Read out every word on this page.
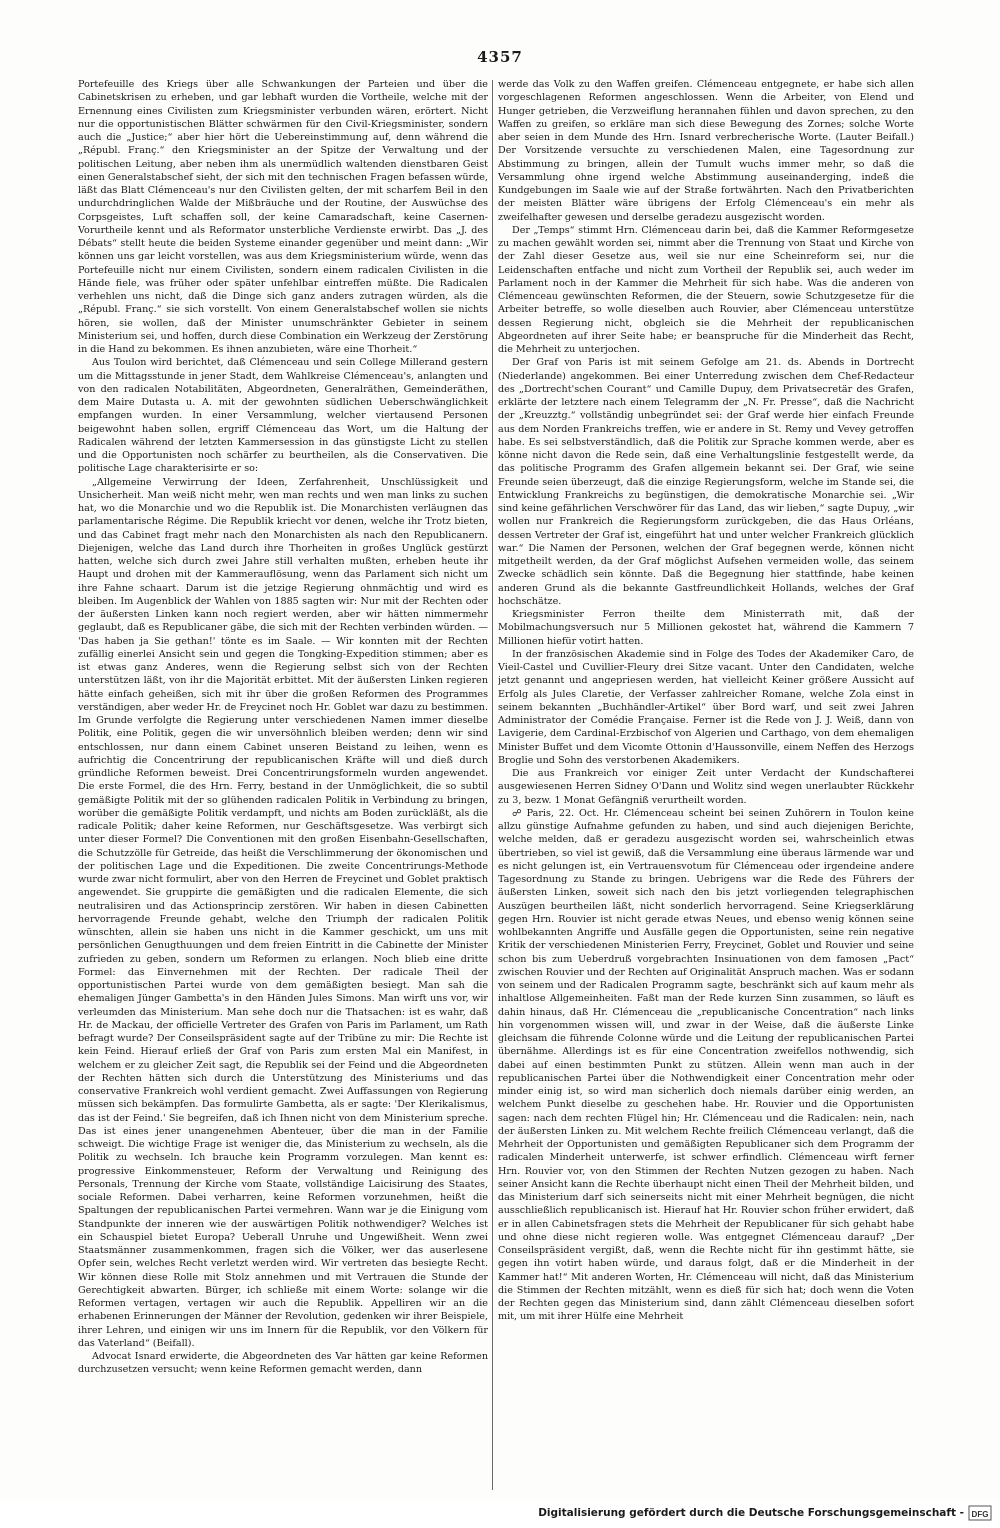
4357

Portefeuille des Kriegs über alle Schwankungen der Parteien und über die Cabinetskrisen zu erheben, und gar lebhaft wurden die Vortheile, welche mit der Ernennung eines Civilisten zum Kriegsminister verbunden wären, erörtert. Nicht nur die opportunistischen Blätter schwärmen für den Civil-Kriegsminister, sondern auch die „Justice;“ aber hier hört die Uebereinstimmung auf, denn während die „Républ. Franç.“ den Kriegsminister an der Spitze der Verwaltung und der politischen Leitung, aber neben ihm als unermüdlich waltenden dienstbaren Geist einen Generalstabschef sieht, der sich mit den technischen Fragen befassen würde, läßt das Blatt Clémenceau's nur den Civilisten gelten, der mit scharfem Beil in den undurchdringlichen Walde der Mißbräuche und der Routine, der Auswüchse des Corpsgeistes, Luft schaffen soll, der keine Camaradschaft, keine Casernen-Vorurtheile kennt und als Reformator unsterbliche Verdienste erwirbt. Das „J. des Débats“ stellt heute die beiden Systeme einander gegenüber und meint dann: „Wir können uns gar leicht vorstellen, was aus dem Kriegsministerium würde, wenn das Portefeuille nicht nur einem Civilisten, sondern einem radicalen Civilisten in die Hände fiele, was früher oder später unfehlbar eintreffen müßte. Die Radicalen verhehlen uns nicht, daß die Dinge sich ganz anders zutragen würden, als die „Républ. Franç.“ sie sich vorstellt. Von einem Generalstabschef wollen sie nichts hören, sie wollen, daß der Minister unumschränkter Gebieter in seinem Ministerium sei, und hoffen, durch diese Combination ein Werkzeug der Zerstörung in die Hand zu bekommen. Es ihnen anzubieten, wäre eine Thorheit.“

Aus Toulon wird berichtet, daß Clémenceau und sein College Millerand gestern um die Mittagsstunde in jener Stadt, dem Wahlkreise Clémenceau's, anlangten und von den radicalen Notabilitäten, Abgeordneten, Generalräthen, Gemeinderäthen, dem Maire Dutasta u. A. mit der gewohnten südlichen Ueberschwänglichkeit empfangen wurden. In einer Versammlung, welcher viertausend Personen beigewohnt haben sollen, ergriff Clémenceau das Wort, um die Haltung der Radicalen während der letzten Kammersession in das günstigste Licht zu stellen und die Opportunisten noch schärfer zu beurtheilen, als die Conservativen. Die politische Lage charakterisirte er so:

„Allgemeine Verwirrung der Ideen, Zerfahrenheit, Unschlüssigkeit und Unsicherheit. Man weiß nicht mehr, wen man rechts und wen man links zu suchen hat, wo die Monarchie und wo die Republik ist. Die Monarchisten verläugnen das parlamentarische Régime. Die Republik kriecht vor denen, welche ihr Trotz bieten, und das Cabinet fragt mehr nach den Monarchisten als nach den Republicanern. Diejenigen, welche das Land durch ihre Thorheiten in großes Unglück gestürzt hatten, welche sich durch zwei Jahre still verhalten mußten, erheben heute ihr Haupt und drohen mit der Kammerauflösung, wenn das Parlament sich nicht um ihre Fahne schaart. Darum ist die jetzige Regierung ohnmächtig und wird es bleiben. Im Augenblick der Wahlen von 1885 sagten wir: Nur mit der Rechten oder der äußersten Linken kann noch regiert werden, aber wir hätten nimmermehr geglaubt, daß es Republicaner gäbe, die sich mit der Rechten verbinden würden. — 'Das haben ja Sie gethan!' tönte es im Saale. — Wir konnten mit der Rechten zufällig einerlei Ansicht sein und gegen die Tongking-Expedition stimmen; aber es ist etwas ganz Anderes, wenn die Regierung selbst sich von der Rechten unterstützen läßt, von ihr die Majorität erbittet. Mit der äußersten Linken regieren hätte einfach geheißen, sich mit ihr über die großen Reformen des Programmes verständigen, aber weder Hr. de Freycinet noch Hr. Goblet war dazu zu bestimmen. Im Grunde verfolgte die Regierung unter verschiedenen Namen immer dieselbe Politik, eine Politik, gegen die wir unversöhnlich bleiben werden; denn wir sind entschlossen, nur dann einem Cabinet unseren Beistand zu leihen, wenn es aufrichtig die Concentrirung der republicanischen Kräfte will und dieß durch gründliche Reformen beweist. Drei Concentrirungsformeln wurden angewendet. Die erste Formel, die des Hrn. Ferry, bestand in der Unmöglichkeit, die so subtil gemäßigte Politik mit der so glühenden radicalen Politik in Verbindung zu bringen, worüber die gemäßigte Politik verdampft, und nichts am Boden zurückläßt, als die radicale Politik; daher keine Reformen, nur Geschäftsgesetze. Was verbirgt sich unter dieser Formel? Die Conventionen mit den großen Eisenbahn-Gesellschaften, die Schutzzölle für Getreide, das heißt die Verschlimmerung der ökonomischen und der politischen Lage und die Expeditionen. Die zweite Concentrirungs-Methode wurde zwar nicht formulirt, aber von den Herren de Freycinet und Goblet praktisch angewendet. Sie gruppirte die gemäßigten und die radicalen Elemente, die sich neutralisiren und das Actionsprincip zerstören. Wir haben in diesen Cabinetten hervorragende Freunde gehabt, welche den Triumph der radicalen Politik wünschten, allein sie haben uns nicht in die Kammer geschickt, um uns mit persönlichen Genugthuungen und dem freien Eintritt in die Cabinette der Minister zufrieden zu geben, sondern um Reformen zu erlangen. Noch blieb eine dritte Formel: das Einvernehmen mit der Rechten. Der radicale Theil der opportunistischen Partei wurde von dem gemäßigten besiegt. Man sah die ehemaligen Jünger Gambetta's in den Händen Jules Simons. Man wirft uns vor, wir verleumden das Ministerium. Man sehe doch nur die Thatsachen: ist es wahr, daß Hr. de Mackau, der officielle Vertreter des Grafen von Paris im Parlament, um Rath befragt wurde? Der Conseilspräsident sagte auf der Tribüne zu mir: Die Rechte ist kein Feind. Hierauf erließ der Graf von Paris zum ersten Mal ein Manifest, in welchem er zu gleicher Zeit sagt, die Republik sei der Feind und die Abgeordneten der Rechten hätten sich durch die Unterstützung des Ministeriums und das conservative Frankreich wohl verdient gemacht. Zwei Auffassungen von Regierung müssen sich bekämpfen. Das formulirte Gambetta, als er sagte: 'Der Klerikalismus, das ist der Feind.' Sie begreifen, daß ich Ihnen nicht von dem Ministerium spreche. Das ist eines jener unangenehmen Abenteuer, über die man in der Familie schweigt. Die wichtige Frage ist weniger die, das Ministerium zu wechseln, als die Politik zu wechseln. Ich brauche kein Programm vorzulegen. Man kennt es: progressive Einkommensteuer, Reform der Verwaltung und Reinigung des Personals, Trennung der Kirche vom Staate, vollständige Laicisirung des Staates, sociale Reformen. Dabei verharren, keine Reformen vorzunehmen, heißt die Spaltungen der republicanischen Partei vermehren. Wann war je die Einigung vom Standpunkte der inneren wie der auswärtigen Politik nothwendiger? Welches ist ein Schauspiel bietet Europa? Ueberall Unruhe und Ungewißheit. Wenn zwei Staatsmänner zusammenkommen, fragen sich die Völker, wer das auserlesene Opfer sein, welches Recht verletzt werden wird. Wir vertreten das besiegte Recht. Wir können diese Rolle mit Stolz annehmen und mit Vertrauen die Stunde der Gerechtigkeit abwarten. Bürger, ich schließe mit einem Worte: solange wir die Reformen vertagen, vertagen wir auch die Republik. Appelliren wir an die erhabenen Erinnerungen der Männer der Revolution, gedenken wir ihrer Beispiele, ihrer Lehren, und einigen wir uns im Innern für die Republik, vor den Völkern für das Vaterland“ (Beifall).

Advocat Isnard erwiderte, die Abgeordneten des Var hätten gar keine Reformen durchzusetzen versucht; wenn keine Reformen gemacht werden, dann

werde das Volk zu den Waffen greifen. Clémenceau entgegnete, er habe sich allen vorgeschlagenen Reformen angeschlossen. Wenn die Arbeiter, von Elend und Hunger getrieben, die Verzweiflung herannahen fühlen und davon sprechen, zu den Waffen zu greifen, so erkläre man sich diese Bewegung des Zornes; solche Worte aber seien in dem Munde des Hrn. Isnard verbrecherische Worte. (Lauter Beifall.) Der Vorsitzende versuchte zu verschiedenen Malen, eine Tagesordnung zur Abstimmung zu bringen, allein der Tumult wuchs immer mehr, so daß die Versammlung ohne irgend welche Abstimmung auseinanderging, indeß die Kundgebungen im Saale wie auf der Straße fortwährten. Nach den Privatberichten der meisten Blätter wäre übrigens der Erfolg Clémenceau's ein mehr als zweifelhafter gewesen und derselbe geradezu ausgezischt worden.

Der „Temps“ stimmt Hrn. Clémenceau darin bei, daß die Kammer Reformgesetze zu machen gewählt worden sei, nimmt aber die Trennung von Staat und Kirche von der Zahl dieser Gesetze aus, weil sie nur eine Scheinreform sei, nur die Leidenschaften entfache und nicht zum Vortheil der Republik sei, auch weder im Parlament noch in der Kammer die Mehrheit für sich habe. Was die anderen von Clémenceau gewünschten Reformen, die der Steuern, sowie Schutzgesetze für die Arbeiter betreffe, so wolle dieselben auch Rouvier, aber Clémenceau unterstütze dessen Regierung nicht, obgleich sie die Mehrheit der republicanischen Abgeordneten auf ihrer Seite habe; er beanspruche für die Minderheit das Recht, die Mehrheit zu unterjochen.

Der Graf von Paris ist mit seinem Gefolge am 21. ds. Abends in Dortrecht (Niederlande) angekommen. Bei einer Unterredung zwischen dem Chef-Redacteur des „Dortrecht'schen Courant“ und Camille Dupuy, dem Privatsecretär des Grafen, erklärte der letztere nach einem Telegramm der „N. Fr. Presse“, daß die Nachricht der „Kreuzztg.“ vollständig unbegründet sei: der Graf werde hier einfach Freunde aus dem Norden Frankreichs treffen, wie er andere in St. Remy und Vevey getroffen habe. Es sei selbstverständlich, daß die Politik zur Sprache kommen werde, aber es könne nicht davon die Rede sein, daß eine Verhaltungslinie festgestellt werde, da das politische Programm des Grafen allgemein bekannt sei. Der Graf, wie seine Freunde seien überzeugt, daß die einzige Regierungsform, welche im Stande sei, die Entwicklung Frankreichs zu begünstigen, die demokratische Monarchie sei. „Wir sind keine gefährlichen Verschwörer für das Land, das wir lieben,“ sagte Dupuy, „wir wollen nur Frankreich die Regierungsform zurückgeben, die das Haus Orléans, dessen Vertreter der Graf ist, eingeführt hat und unter welcher Frankreich glücklich war.“ Die Namen der Personen, welchen der Graf begegnen werde, können nicht mitgetheilt werden, da der Graf möglichst Aufsehen vermeiden wolle, das seinem Zwecke schädlich sein könnte. Daß die Begegnung hier stattfinde, habe keinen anderen Grund als die bekannte Gastfreundlichkeit Hollands, welches der Graf hochschätze.

Kriegsminister Ferron theilte dem Ministerrath mit, daß der Mobilmachungsversuch nur 5 Millionen gekostet hat, während die Kammern 7 Millionen hiefür votirt hatten.

In der französischen Akademie sind in Folge des Todes der Akademiker Caro, de Vieil-Castel und Cuvillier-Fleury drei Sitze vacant. Unter den Candidaten, welche jetzt genannt und angepriesen werden, hat vielleicht Keiner größere Aussicht auf Erfolg als Jules Claretie, der Verfasser zahlreicher Romane, welche Zola einst in seinem bekannten „Buchhändler-Artikel“ über Bord warf, und seit zwei Jahren Administrator der Comédie Française. Ferner ist die Rede von J. J. Weiß, dann von Lavigerie, dem Cardinal-Erzbischof von Algerien und Carthago, von dem ehemaligen Minister Buffet und dem Vicomte Ottonin d'Haussonville, einem Neffen des Herzogs Broglie und Sohn des verstorbenen Akademikers.

Die aus Frankreich vor einiger Zeit unter Verdacht der Kundschafterei ausgewiesenen Herren Sidney O'Dann und Wolitz sind wegen unerlaubter Rückkehr zu 3, bezw. 1 Monat Gefängniß verurtheilt worden.

☍ Paris, 22. Oct. Hr. Clémenceau scheint bei seinen Zuhörern in Toulon keine allzu günstige Aufnahme gefunden zu haben, und sind auch diejenigen Berichte, welche melden, daß er geradezu ausgezischt worden sei, wahrscheinlich etwas übertrieben, so viel ist gewiß, daß die Versammlung eine überaus lärmende war und es nicht gelungen ist, ein Vertrauensvotum für Clémenceau oder irgendeine andere Tagesordnung zu Stande zu bringen. Uebrigens war die Rede des Führers der äußersten Linken, soweit sich nach den bis jetzt vorliegenden telegraphischen Auszügen beurtheilen läßt, nicht sonderlich hervorragend. Seine Kriegserklärung gegen Hrn. Rouvier ist nicht gerade etwas Neues, und ebenso wenig können seine wohlbekannten Angriffe und Ausfälle gegen die Opportunisten, seine rein negative Kritik der verschiedenen Ministerien Ferry, Freycinet, Goblet und Rouvier und seine schon bis zum Ueberdruß vorgebrachten Insinuationen von dem famosen „Pact“ zwischen Rouvier und der Rechten auf Originalität Anspruch machen. Was er sodann von seinem und der Radicalen Programm sagte, beschränkt sich auf kaum mehr als inhaltlose Allgemeinheiten. Faßt man der Rede kurzen Sinn zusammen, so läuft es dahin hinaus, daß Hr. Clémenceau die „republicanische Concentration“ nach links hin vorgenommen wissen will, und zwar in der Weise, daß die äußerste Linke gleichsam die führende Colonne würde und die Leitung der republicanischen Partei übernähme. Allerdings ist es für eine Concentration zweifellos nothwendig, sich dabei auf einen bestimmten Punkt zu stützen. Allein wenn man auch in der republicanischen Partei über die Nothwendigkeit einer Concentration mehr oder minder einig ist, so wird man sicherlich doch niemals darüber einig werden, an welchem Punkt dieselbe zu geschehen habe. Hr. Rouvier und die Opportunisten sagen: nach dem rechten Flügel hin; Hr. Clémenceau und die Radicalen: nein, nach der äußersten Linken zu. Mit welchem Rechte freilich Clémenceau verlangt, daß die Mehrheit der Opportunisten und gemäßigten Republicaner sich dem Programm der radicalen Minderheit unterwerfe, ist schwer erfindlich. Clémenceau wirft ferner Hrn. Rouvier vor, von den Stimmen der Rechten Nutzen gezogen zu haben. Nach seiner Ansicht kann die Rechte überhaupt nicht einen Theil der Mehrheit bilden, und das Ministerium darf sich seinerseits nicht mit einer Mehrheit begnügen, die nicht ausschließlich republicanisch ist. Hierauf hat Hr. Rouvier schon früher erwidert, daß er in allen Cabinetsfragen stets die Mehrheit der Republicaner für sich gehabt habe und ohne diese nicht regieren wolle. Was entgegnet Clémenceau darauf? „Der Conseilspräsident vergißt, daß, wenn die Rechte nicht für ihn gestimmt hätte, sie gegen ihn votirt haben würde, und daraus folgt, daß er die Minderheit in der Kammer hat!“ Mit anderen Worten, Hr. Clémenceau will nicht, daß das Ministerium die Stimmen der Rechten mitzählt, wenn es dieß für sich hat; doch wenn die Voten der Rechten gegen das Ministerium sind, dann zählt Clémenceau dieselben sofort mit, um mit ihrer Hülfe eine Mehrheit

Digitalisierung gefördert durch die Deutsche Forschungsgemeinschaft - DFG
